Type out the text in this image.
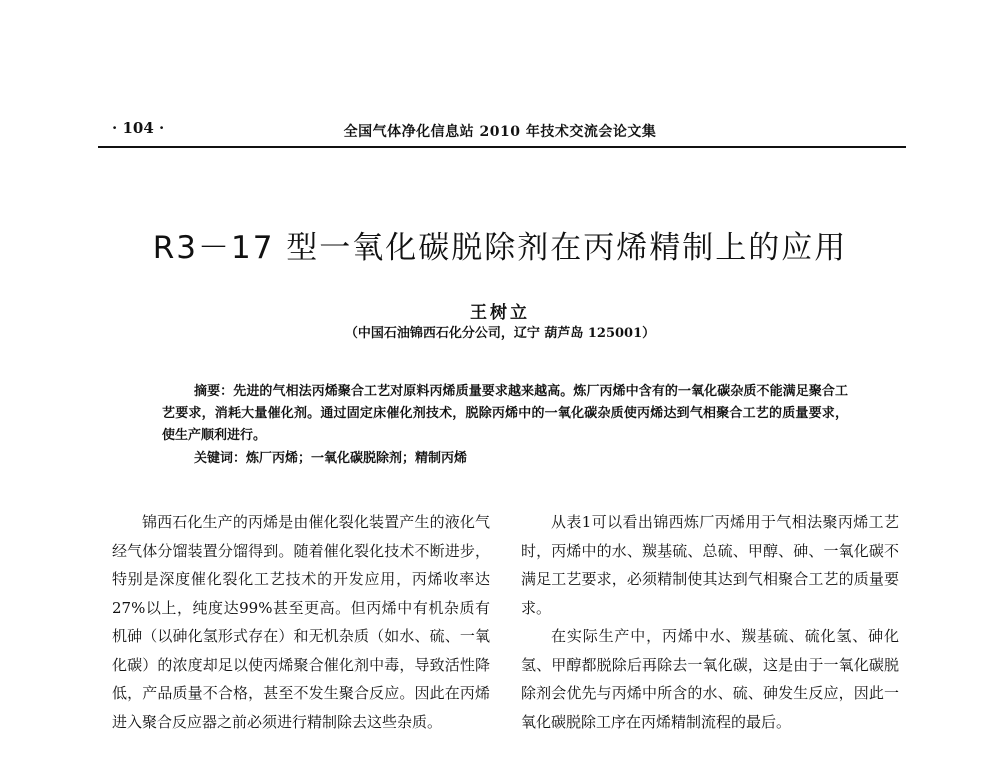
· 104 ·	全国气体净化信息站 2010 年技术交流会论文集
R3－17 型一氧化碳脱除剂在丙烯精制上的应用
王树立
（中国石油锦西石化分公司，辽宁 葫芦岛 125001）
摘要：先进的气相法丙烯聚合工艺对原料丙烯质量要求越来越高。炼厂丙烯中含有的一氧化碳杂质不能满足聚合工艺要求，消耗大量催化剂。通过固定床催化剂技术，脱除丙烯中的一氧化碳杂质使丙烯达到气相聚合工艺的质量要求，使生产顺利进行。
关键词：炼厂丙烯；一氧化碳脱除剂；精制丙烯

锦西石化生产的丙烯是由催化裂化装置产生的液化气经气体分馏装置分馏得到。随着催化裂化技术不断进步，特别是深度催化裂化工艺技术的开发应用，丙烯收率达27%以上，纯度达99%甚至更高。但丙烯中有机杂质有机砷（以砷化氢形式存在）和无机杂质（如水、硫、一氧化碳）的浓度却足以使丙烯聚合催化剂中毒，导致活性降低，产品质量不合格，甚至不发生聚合反应。因此在丙烯进入聚合反应器之前必须进行精制除去这些杂质。

从表1可以看出锦西炼厂丙烯用于气相法聚丙烯工艺时，丙烯中的水、羰基硫、总硫、甲醇、砷、一氧化碳不满足工艺要求，必须精制使其达到气相聚合工艺的质量要求。

在实际生产中，丙烯中水、羰基硫、硫化氢、砷化氢、甲醇都脱除后再除去一氧化碳，这是由于一氧化碳脱除剂会优先与丙烯中所含的水、硫、砷发生反应，因此一氧化碳脱除工序在丙烯精制流程的最后。
